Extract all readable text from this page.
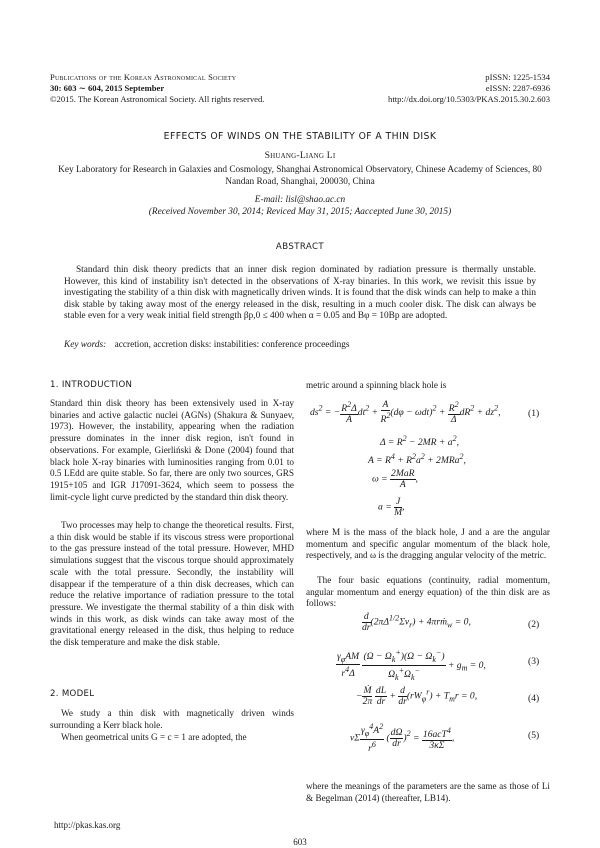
Publications of the Korean Astronomical Society
30: 603 ∼ 604, 2015 September
©2015. The Korean Astronomical Society. All rights reserved.
pISSN: 1225-1534
eISSN: 2287-6936
http://dx.doi.org/10.5303/PKAS.2015.30.2.603
EFFECTS OF WINDS ON THE STABILITY OF A THIN DISK
Shuang-Liang Li
Key Laboratory for Research in Galaxies and Cosmology, Shanghai Astronomical Observatory, Chinese Academy of Sciences, 80 Nandan Road, Shanghai, 200030, China
E-mail: lisl@shao.ac.cn
(Received November 30, 2014; Reviced May 31, 2015; Aaccepted June 30, 2015)
ABSTRACT

Standard thin disk theory predicts that an inner disk region dominated by radiation pressure is thermally unstable. However, this kind of instability isn't detected in the observations of X-ray binaries. In this work, we revisit this issue by investigating the stability of a thin disk with magnetically driven winds. It is found that the disk winds can help to make a thin disk stable by taking away most of the energy released in the disk, resulting in a much cooler disk. The disk can always be stable even for a very weak initial field strength βp,0 ≤ 400 when α = 0.05 and Bφ = 10Bp are adopted.

Key words: accretion, accretion disks: instabilities: conference proceedings
1. INTRODUCTION

Standard thin disk theory has been extensively used in X-ray binaries and active galactic nuclei (AGNs) (Shakura & Sunyaev, 1973). However, the instability, appearing when the radiation pressure dominates in the inner disk region, isn't found in observations. For example, Gierliński & Done (2004) found that black hole X-ray binaries with luminosities ranging from 0.01 to 0.5 LEdd are quite stable. So far, there are only two sources, GRS 1915+105 and IGR J17091-3624, which seem to possess the limit-cycle light curve predicted by the standard thin disk theory.

Two processes may help to change the theoretical results. First, a thin disk would be stable if its viscous stress were proportional to the gas pressure instead of the total pressure. However, MHD simulations suggest that the viscous torque should approximately scale with the total pressure. Secondly, the instability will disappear if the temperature of a thin disk decreases, which can reduce the relative importance of radiation pressure to the total pressure. We investigate the thermal stability of a thin disk with winds in this work, as disk winds can take away most of the gravitational energy released in the disk, thus helping to reduce the disk temperature and make the disk stable.

2. MODEL

We study a thin disk with magnetically driven winds surrounding a Kerr black hole.

When geometrical units G = c = 1 are adopted, the

http://pkas.kas.org

metric around a spinning black hole is

$ds^2$ = − $\frac{R^2\Delta}{A} dt^2 + \frac{A}{R^2} (d\varphi - \omega dt)^2 + \frac{R^2}{\Delta} dR^2 + dz^2$,	(1)
$\Delta = R^2 - 2MR + a^2$,
$A = R^4 + R^2a^2 + 2MRa^2$,
$\omega = \frac{\text{2MaR}}{A}$ ,
$a = \frac{J}{M}$ ,

where M is the mass of the black hole, J and a are the angular momentum and specific angular momentum of the black hole, respectively, and ω is the dragging angular velocity of the metric.

The four basic equations (continuity, radial momentum, angular momentum and energy equation) of the thin disk are as follows:

$\frac{d}{dr} (2\pi\Delta^{1/2}\Sigma v_r)$ + 4πrṁ$_w$ = 0,	(2)
$\frac{\gamma_\varphi AM}{r^4\Delta}$
$\frac{(\Omega - \Omega_k^+)(\Omega - \Omega_k^-)}{\Omega_k^+\Omega_k^-} + g_m = 0$,	(3)
− $\frac{\text{Ṁ}}{2\pi}$
$\frac{dL}{dr} + \frac{d}{dr} (rW_\varphi^r) + T_mr = 0$,	(4)
νΣ $\frac{\gamma_\varphi^4A^2}{r^6}$ ( $\frac{d\Omega}{dr} )^2 = \frac{16acT^4}{3\kappa\Sigma}$ ,	(5)

where the meanings of the parameters are the same as those of Li & Begelman (2014) (thereafter, LB14).

603
